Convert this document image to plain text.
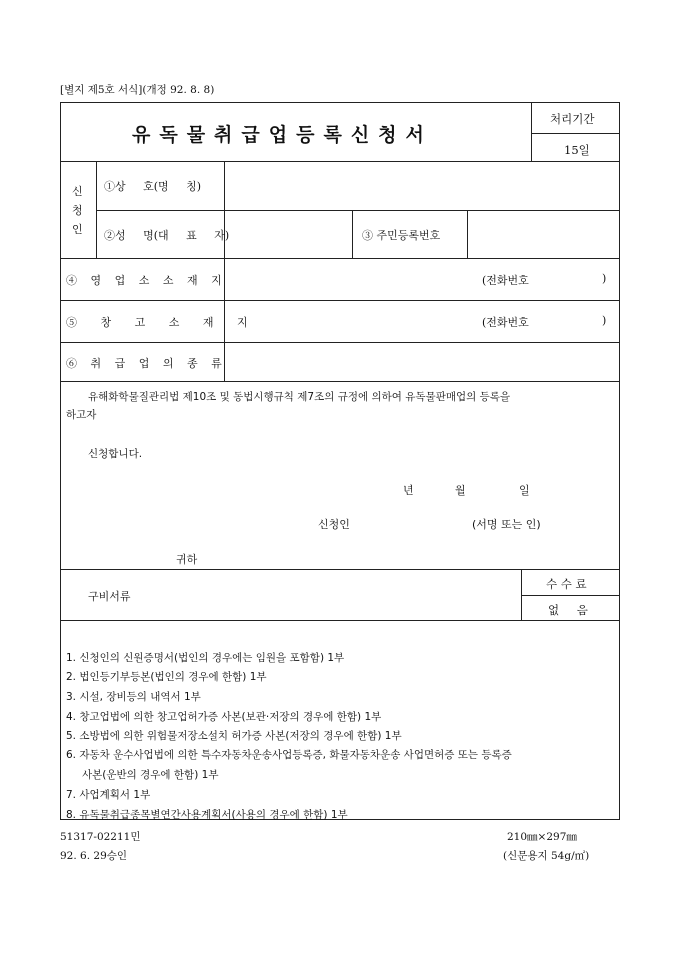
[별지 제5호 서식](개정 92. 8. 8)
유독물취급업등록신청서
처리기간
15일
신
청
인
①상 호(명 칭)
②성 명(대 표 자)	③ 주민등록번호
④ 영 업 소 소 재 지	(전화번호	)
⑤ 창 고 소 재 지	(전화번호	)
⑥ 취 급 업 의 종 류
유해화학물질관리법 제10조 및 동법시행규칙 제7조의 규정에 의하여 유독물판매업의 등록을
하고자
신청합니다.
년	월	일
신청인	(서명 또는 인)
귀하
구비서류
수 수 료
없 음
1. 신청인의 신원증명서(법인의 경우에는 임원을 포함함) 1부
2. 법인등기부등본(법인의 경우에 한함) 1부
3. 시설, 장비등의 내역서 1부
4. 창고업법에 의한 창고업허가증 사본(보관·저장의 경우에 한함) 1부
5. 소방법에 의한 위험물저장소설치 허가증 사본(저장의 경우에 한함) 1부
6. 자동차 운수사업법에 의한 특수자동차운송사업등록증, 화물자동차운송 사업면허증 또는 등록증
사본(운반의 경우에 한함) 1부
7. 사업계획서 1부
8. 유독물취급종목별연간사용계획서(사용의 경우에 한함) 1부
51317-02211민
92. 6. 29승인
210㎜×297㎜
(신문용지 54g/㎡)
